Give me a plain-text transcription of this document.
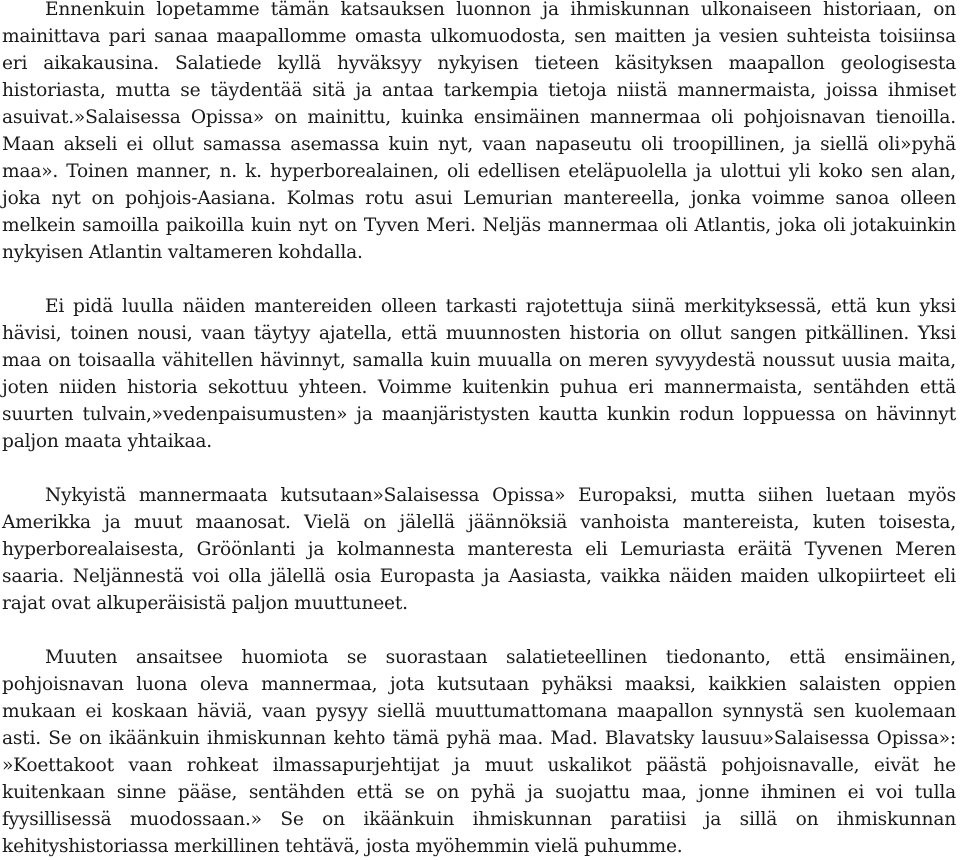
Ennenkuin lopetamme tämän katsauksen luonnon ja ihmiskunnan ulkonaiseen historiaan, on mainittava pari sanaa maapallomme omasta ulkomuodosta, sen maitten ja vesien suhteista toisiinsa eri aikakausina. Salatiede kyllä hyväksyy nykyisen tieteen käsityksen maapallon geologisesta historiasta, mutta se täydentää sitä ja antaa tarkempia tietoja niistä mannermaista, joissa ihmiset asuivat.»Salaisessa Opissa» on mainittu, kuinka ensimäinen mannermaa oli pohjoisnavan tienoilla. Maan akseli ei ollut samassa asemassa kuin nyt, vaan napaseutu oli troopillinen, ja siellä oli»pyhä maa». Toinen manner, n. k. hyperborealainen, oli edellisen eteläpuolella ja ulottui yli koko sen alan, joka nyt on pohjois-Aasiana. Kolmas rotu asui Lemurian mantereella, jonka voimme sanoa olleen melkein samoilla paikoilla kuin nyt on Tyven Meri. Neljäs mannermaa oli Atlantis, joka oli jotakuinkin nykyisen Atlantin valtameren kohdalla.

Ei pidä luulla näiden mantereiden olleen tarkasti rajotettuja siinä merkityksessä, että kun yksi hävisi, toinen nousi, vaan täytyy ajatella, että muunnosten historia on ollut sangen pitkällinen. Yksi maa on toisaalla vähitellen hävinnyt, samalla kuin muualla on meren syvyydestä noussut uusia maita, joten niiden historia sekottuu yhteen. Voimme kuitenkin puhua eri mannermaista, sentähden että suurten tulvain,»vedenpaisumusten» ja maanjäristysten kautta kunkin rodun loppuessa on hävinnyt paljon maata yhtaikaa.

Nykyistä mannermaata kutsutaan»Salaisessa Opissa» Europaksi, mutta siihen luetaan myös Amerikka ja muut maanosat. Vielä on jälellä jäännöksiä vanhoista mantereista, kuten toisesta, hyperborealaisesta, Gröönlanti ja kolmannesta manteresta eli Lemuriasta eräitä Tyvenen Meren saaria. Neljännestä voi olla jälellä osia Europasta ja Aasiasta, vaikka näiden maiden ulkopiirteet eli rajat ovat alkuperäisistä paljon muuttuneet.

Muuten ansaitsee huomiota se suorastaan salatieteellinen tiedonanto, että ensimäinen, pohjoisnavan luona oleva mannermaa, jota kutsutaan pyhäksi maaksi, kaikkien salaisten oppien mukaan ei koskaan häviä, vaan pysyy siellä muuttumattomana maapallon synnystä sen kuolemaan asti. Se on ikäänkuin ihmiskunnan kehto tämä pyhä maa. Mad. Blavatsky lausuu»Salaisessa Opissa»: »Koettakoot vaan rohkeat ilmassapurjehtijat ja muut uskalikot päästä pohjoisnavalle, eivät he kuitenkaan sinne pääse, sentähden että se on pyhä ja suojattu maa, jonne ihminen ei voi tulla fyysillisessä muodossaan.» Se on ikäänkuin ihmiskunnan paratiisi ja sillä on ihmiskunnan kehityshistoriassa merkillinen tehtävä, josta myöhemmin vielä puhumme.
